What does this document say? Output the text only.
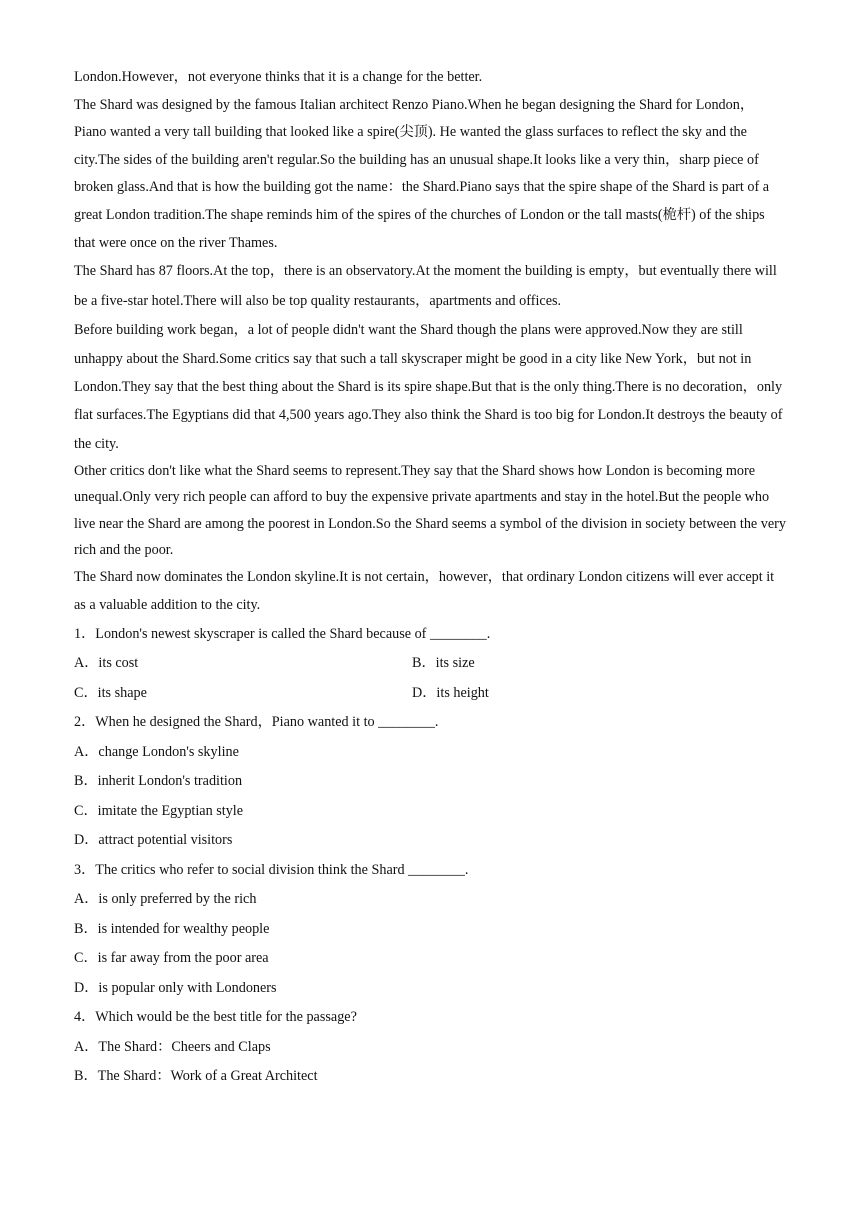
London.However，not everyone thinks that it is a change for the better.

The Shard was designed by the famous Italian architect Renzo Piano.When he began designing the Shard for London，Piano wanted a very tall building that looked like a spire(尖顶). He wanted the glass surfaces to reflect the sky and the city.The sides of the building aren't regular.So the building has an unusual shape.It looks like a very thin，sharp piece of broken glass.And that is how the building got the name：the Shard.Piano says that the spire shape of the Shard is part of a great London tradition.The shape reminds him of the spires of the churches of London or the tall masts(桅杆) of the ships that were once on the river Thames.

The Shard has 87 floors.At the top，there is an observatory.At the moment the building is empty，but eventually there will be a five-star hotel.There will also be top quality restaurants，apartments and offices.

Before building work began，a lot of people didn't want the Shard though the plans were approved.Now they are still unhappy about the Shard.Some critics say that such a tall skyscraper might be good in a city like New York，but not in London.They say that the best thing about the Shard is its spire shape.But that is the only thing.There is no decoration，only flat surfaces.The Egyptians did that 4,500 years ago.They also think the Shard is too big for London.It destroys the beauty of the city.

Other critics don't like what the Shard seems to represent.They say that the Shard shows how London is becoming more unequal.Only very rich people can afford to buy the expensive private apartments and stay in the hotel.But the people who live near the Shard are among the poorest in London.So the Shard seems a symbol of the division in society between the very rich and the poor.

The Shard now dominates the London skyline.It is not certain，however，that ordinary London citizens will ever accept it as a valuable addition to the city.

1．London's newest skyscraper is called the Shard because of ________.

A．its cost	B．its size
C．its shape	D．its height

2．When he designed the Shard，Piano wanted it to ________.

A．change London's skyline

B．inherit London's tradition

C．imitate the Egyptian style

D．attract potential visitors

3．The critics who refer to social division think the Shard ________.

A．is only preferred by the rich

B．is intended for wealthy people

C．is far away from the poor area

D．is popular only with Londoners

4．Which would be the best title for the passage?

A．The Shard：Cheers and Claps

B．The Shard：Work of a Great Architect
